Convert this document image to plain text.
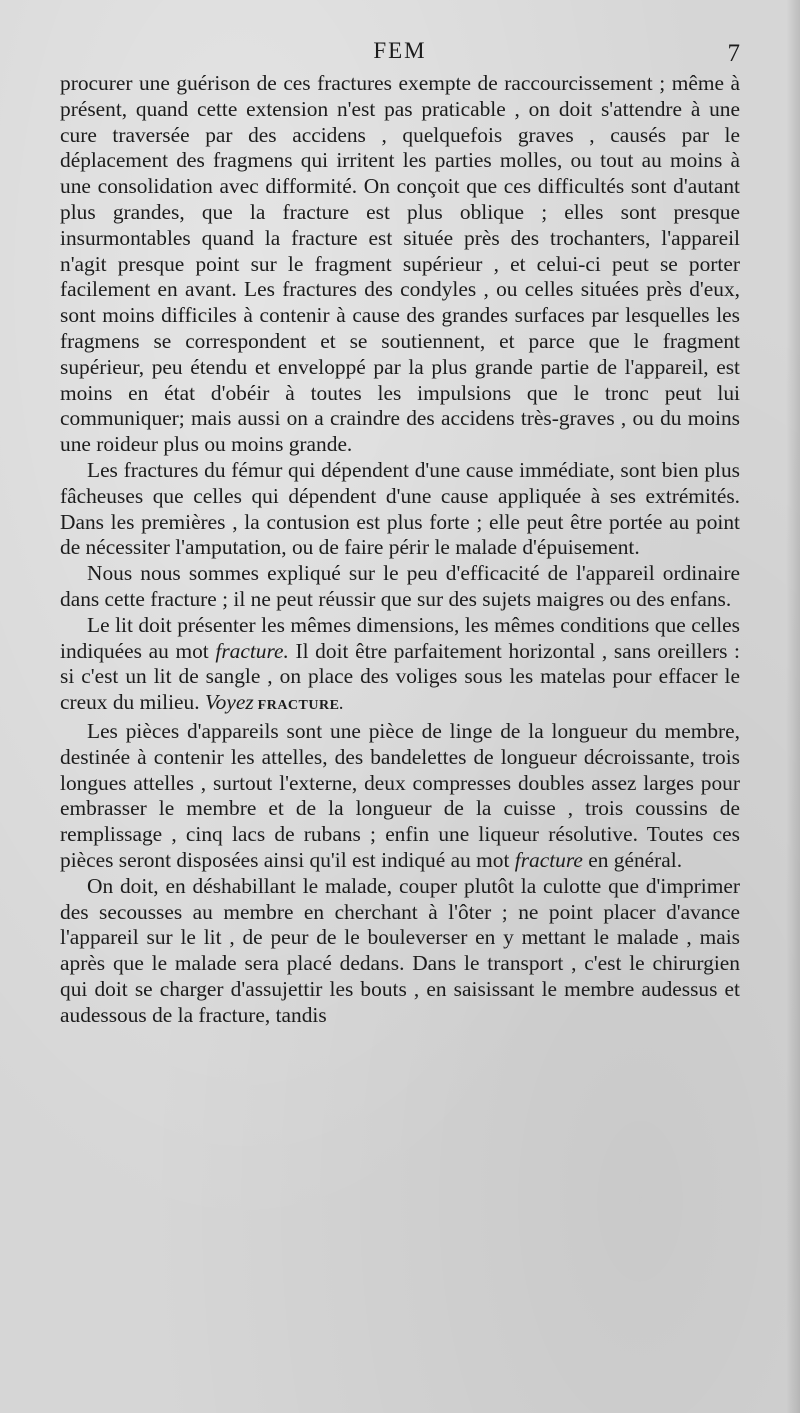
FEM	7

procurer une guérison de ces fractures exempte de raccourcissement ; même à présent, quand cette extension n'est pas praticable , on doit s'attendre à une cure traversée par des accidens , quelquefois graves , causés par le déplacement des fragmens qui irritent les parties molles, ou tout au moins à une consolidation avec difformité. On conçoit que ces difficultés sont d'autant plus grandes, que la fracture est plus oblique ; elles sont presque insurmontables quand la fracture est située près des trochanters, l'appareil n'agit presque point sur le fragment supérieur , et celui-ci peut se porter facilement en avant. Les fractures des condyles , ou celles situées près d'eux, sont moins difficiles à contenir à cause des grandes surfaces par lesquelles les fragmens se correspondent et se soutiennent, et parce que le fragment supérieur, peu étendu et enveloppé par la plus grande partie de l'appareil, est moins en état d'obéir à toutes les impulsions que le tronc peut lui communiquer; mais aussi on a craindre des accidens très-graves , ou du moins une roideur plus ou moins grande.

Les fractures du fémur qui dépendent d'une cause immédiate, sont bien plus fâcheuses que celles qui dépendent d'une cause appliquée à ses extrémités. Dans les premières , la contusion est plus forte ; elle peut être portée au point de nécessiter l'amputation, ou de faire périr le malade d'épuisement.

Nous nous sommes expliqué sur le peu d'efficacité de l'appareil ordinaire dans cette fracture ; il ne peut réussir que sur des sujets maigres ou des enfans.

Le lit doit présenter les mêmes dimensions, les mêmes conditions que celles indiquées au mot fracture. Il doit être parfaitement horizontal , sans oreillers : si c'est un lit de sangle , on place des voliges sous les matelas pour effacer le creux du milieu. Voyez FRACTURE.

Les pièces d'appareils sont une pièce de linge de la longueur du membre, destinée à contenir les attelles, des bandelettes de longueur décroissante, trois longues attelles , surtout l'externe, deux compresses doubles assez larges pour embrasser le membre et de la longueur de la cuisse , trois coussins de remplissage , cinq lacs de rubans ; enfin une liqueur résolutive. Toutes ces pièces seront disposées ainsi qu'il est indiqué au mot fracture en général.

On doit, en déshabillant le malade, couper plutôt la culotte que d'imprimer des secousses au membre en cherchant à l'ôter ; ne point placer d'avance l'appareil sur le lit , de peur de le bouleverser en y mettant le malade , mais après que le malade sera placé dedans. Dans le transport , c'est le chirurgien qui doit se charger d'assujettir les bouts , en saisissant le membre audessus et audessous de la fracture, tandis
